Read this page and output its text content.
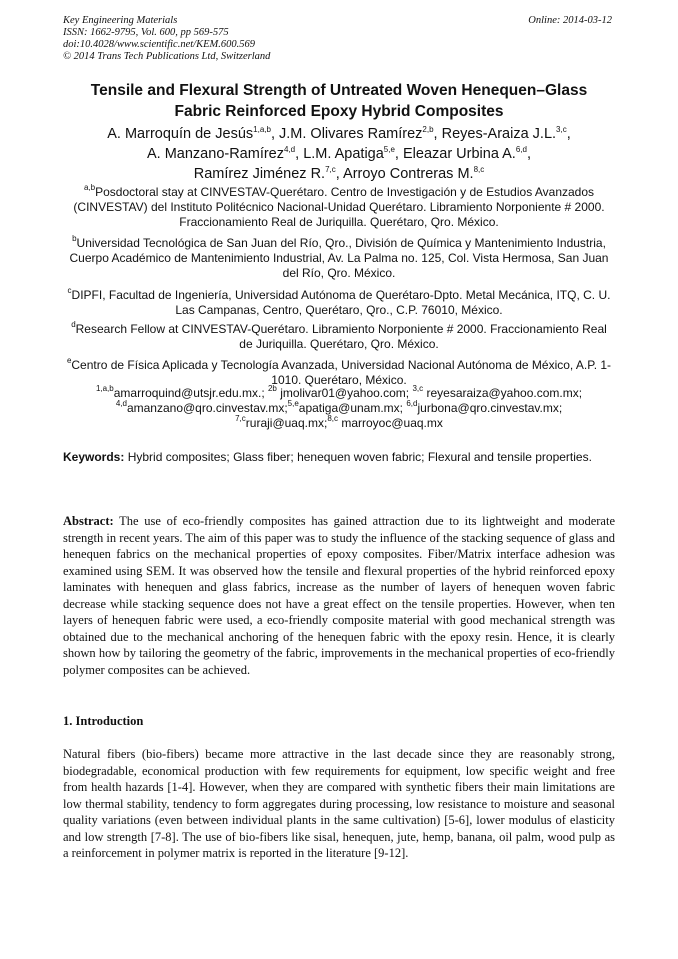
Key Engineering Materials
ISSN: 1662-9795, Vol. 600, pp 569-575
doi:10.4028/www.scientific.net/KEM.600.569
© 2014 Trans Tech Publications Ltd, Switzerland
Online: 2014-03-12
Tensile and Flexural Strength of Untreated Woven Henequen–Glass
Fabric Reinforced Epoxy Hybrid Composites
A. Marroquín de Jesús$^{1,a,b}$, J.M. Olivares Ramírez$^{2,b}$, Reyes-Araiza J.L.$^{3,c}$,
A. Manzano-Ramírez$^{4,d}$, L.M. Apatiga$^{5,e}$, Eleazar Urbina A.$^{6,d}$,
Ramírez Jiménez R.$^{7,c}$, Arroyo Contreras M.$^{8,c}$
$^{a,b}$Posdoctoral stay at CINVESTAV-Querétaro. Centro de Investigación y de Estudios Avanzados (CINVESTAV) del Instituto Politécnico Nacional-Unidad Querétaro. Libramiento Norponiente # 2000. Fraccionamiento Real de Juriquilla. Querétaro, Qro. México.
$^b$Universidad Tecnológica de San Juan del Río, Qro., División de Química y Mantenimiento Industria, Cuerpo Académico de Mantenimiento Industrial, Av. La Palma no. 125, Col. Vista Hermosa, San Juan del Río, Qro. México.
$^c$DIPFI, Facultad de Ingeniería, Universidad Autónoma de Querétaro-Dpto. Metal Mecánica, ITQ, C. U. Las Campanas, Centro, Querétaro, Qro., C.P. 76010, México.
$^d$Research Fellow at CINVESTAV-Querétaro. Libramiento Norponiente # 2000. Fraccionamiento Real de Juriquilla. Querétaro, Qro. México.
$^e$Centro de Física Aplicada y Tecnología Avanzada, Universidad Nacional Autónoma de México, A.P. 1-1010. Querétaro, México.
$^{1,a,b}$amarroquind@utsjr.edu.mx.; $^{2b}$ jmolivar01@yahoo.com; $^{3,c}$ reyesaraiza@yahoo.com.mx;
$^{4,d}$amanzano@qro.cinvestav.mx;$^{5,e}$apatiga@unam.mx; $^{6,d}$jurbona@qro.cinvestav.mx;
$^{7,c}$ruraji@uaq.mx;$^{8,c}$ marroyoc@uaq.mx
Keywords: Hybrid composites; Glass fiber; henequen woven fabric; Flexural and tensile properties.
Abstract: The use of eco-friendly composites has gained attraction due to its lightweight and moderate strength in recent years. The aim of this paper was to study the influence of the stacking sequence of glass and henequen fabrics on the mechanical properties of epoxy composites. Fiber/Matrix interface adhesion was examined using SEM. It was observed how the tensile and flexural properties of the hybrid reinforced epoxy laminates with henequen and glass fabrics, increase as the number of layers of henequen woven fabric decrease while stacking sequence does not have a great effect on the tensile properties. However, when ten layers of henequen fabric were used, a eco-friendly composite material with good mechanical strength was obtained due to the mechanical anchoring of the henequen fabric with the epoxy resin. Hence, it is clearly shown how by tailoring the geometry of the fabric, improvements in the mechanical properties of eco-friendly polymer composites can be achieved.
1. Introduction
Natural fibers (bio-fibers) became more attractive in the last decade since they are reasonably strong, biodegradable, economical production with few requirements for equipment, low specific weight and free from health hazards [1-4]. However, when they are compared with synthetic fibers their main limitations are low thermal stability, tendency to form aggregates during processing, low resistance to moisture and seasonal quality variations (even between individual plants in the same cultivation) [5-6], lower modulus of elasticity and low strength [7-8]. The use of bio-fibers like sisal, henequen, jute, hemp, banana, oil palm, wood pulp as a reinforcement in polymer matrix is reported in the literature [9-12].
